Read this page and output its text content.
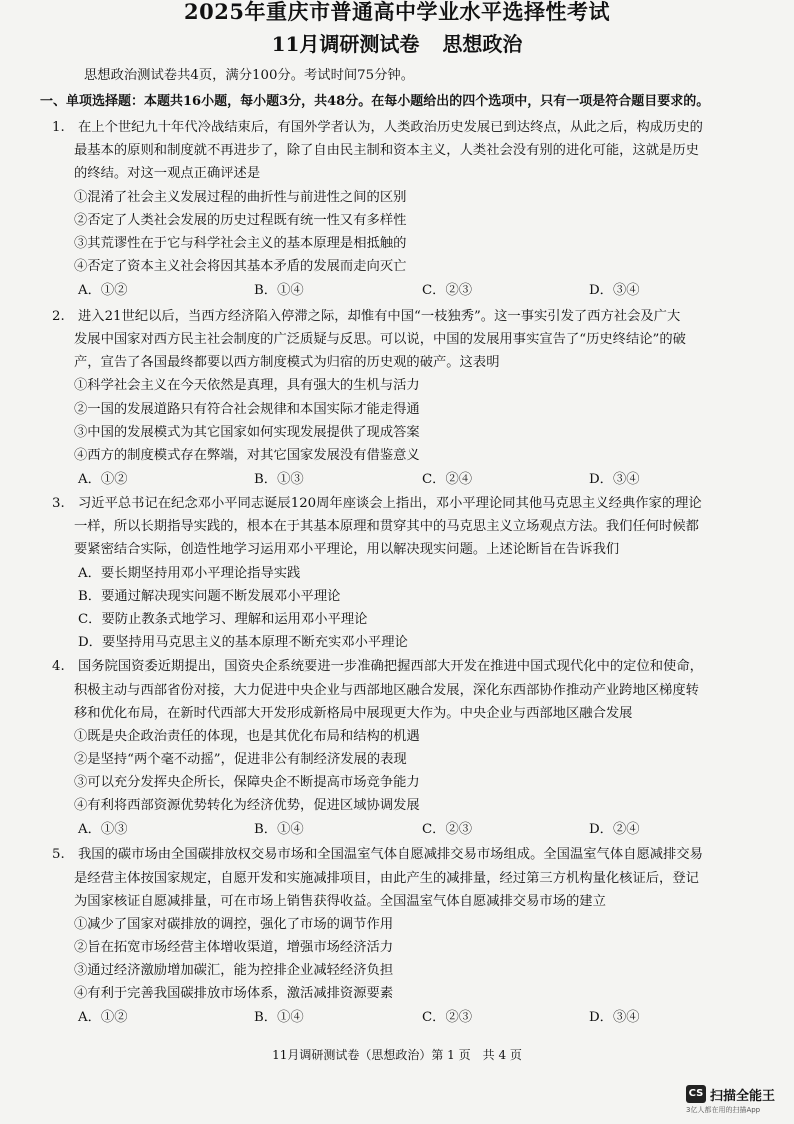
2025年重庆市普通高中学业水平选择性考试
11月调研测试卷 思想政治
思想政治测试卷共4页，满分100分。考试时间75分钟。
一、单项选择题：本题共16小题，每小题3分，共48分。在每小题给出的四个选项中，只有一项是符合题目要求的。
1.　在上个世纪九十年代冷战结束后，有国外学者认为，人类政治历史发展已到达终点，从此之后，构成历史的
最基本的原则和制度就不再进步了，除了自由民主制和资本主义，人类社会没有别的进化可能，这就是历史
的终结。对这一观点正确评述是
①混淆了社会主义发展过程的曲折性与前进性之间的区别
②否定了人类社会发展的历史过程既有统一性又有多样性
③其荒谬性在于它与科学社会主义的基本原理是相抵触的
④否定了资本主义社会将因其基本矛盾的发展而走向灭亡
A．①②	B．①④	C．②③	D．③④
2.　进入21世纪以后，当西方经济陷入停滞之际，却惟有中国“一枝独秀”。这一事实引发了西方社会及广大
发展中国家对西方民主社会制度的广泛质疑与反思。可以说，中国的发展用事实宣告了“历史终结论”的破
产，宣告了各国最终都要以西方制度模式为归宿的历史观的破产。这表明
①科学社会主义在今天依然是真理，具有强大的生机与活力
②一国的发展道路只有符合社会规律和本国实际才能走得通
③中国的发展模式为其它国家如何实现发展提供了现成答案
④西方的制度模式存在弊端，对其它国家发展没有借鉴意义
A．①②	B．①③	C．②④	D．③④
3.　习近平总书记在纪念邓小平同志诞辰120周年座谈会上指出，邓小平理论同其他马克思主义经典作家的理论
一样，所以长期指导实践的，根本在于其基本原理和贯穿其中的马克思主义立场观点方法。我们任何时候都
要紧密结合实际，创造性地学习运用邓小平理论，用以解决现实问题。上述论断旨在告诉我们
A．要长期坚持用邓小平理论指导实践
B．要通过解决现实问题不断发展邓小平理论
C．要防止教条式地学习、理解和运用邓小平理论
D．要坚持用马克思主义的基本原理不断充实邓小平理论
4.　国务院国资委近期提出，国资央企系统要进一步准确把握西部大开发在推进中国式现代化中的定位和使命，
积极主动与西部省份对接，大力促进中央企业与西部地区融合发展，深化东西部协作推动产业跨地区梯度转
移和优化布局，在新时代西部大开发形成新格局中展现更大作为。中央企业与西部地区融合发展
①既是央企政治责任的体现，也是其优化布局和结构的机遇
②是坚持“两个毫不动摇”，促进非公有制经济发展的表现
③可以充分发挥央企所长，保障央企不断提高市场竞争能力
④有利将西部资源优势转化为经济优势，促进区域协调发展
A．①③	B．①④	C．②③	D．②④
5.　我国的碳市场由全国碳排放权交易市场和全国温室气体自愿减排交易市场组成。全国温室气体自愿减排交易
是经营主体按国家规定，自愿开发和实施减排项目，由此产生的减排量，经过第三方机构量化核证后，登记
为国家核证自愿减排量，可在市场上销售获得收益。全国温室气体自愿减排交易市场的建立
①减少了国家对碳排放的调控，强化了市场的调节作用
②旨在拓宽市场经营主体增收渠道，增强市场经济活力
③通过经济激励增加碳汇，能为控排企业减轻经济负担
④有利于完善我国碳排放市场体系，激活减排资源要素
A．①②	B．①④	C．②③	D．③④
11月调研测试卷（思想政治）第 1 页　共 4 页
CS 扫描全能王
3亿人都在用的扫描App
